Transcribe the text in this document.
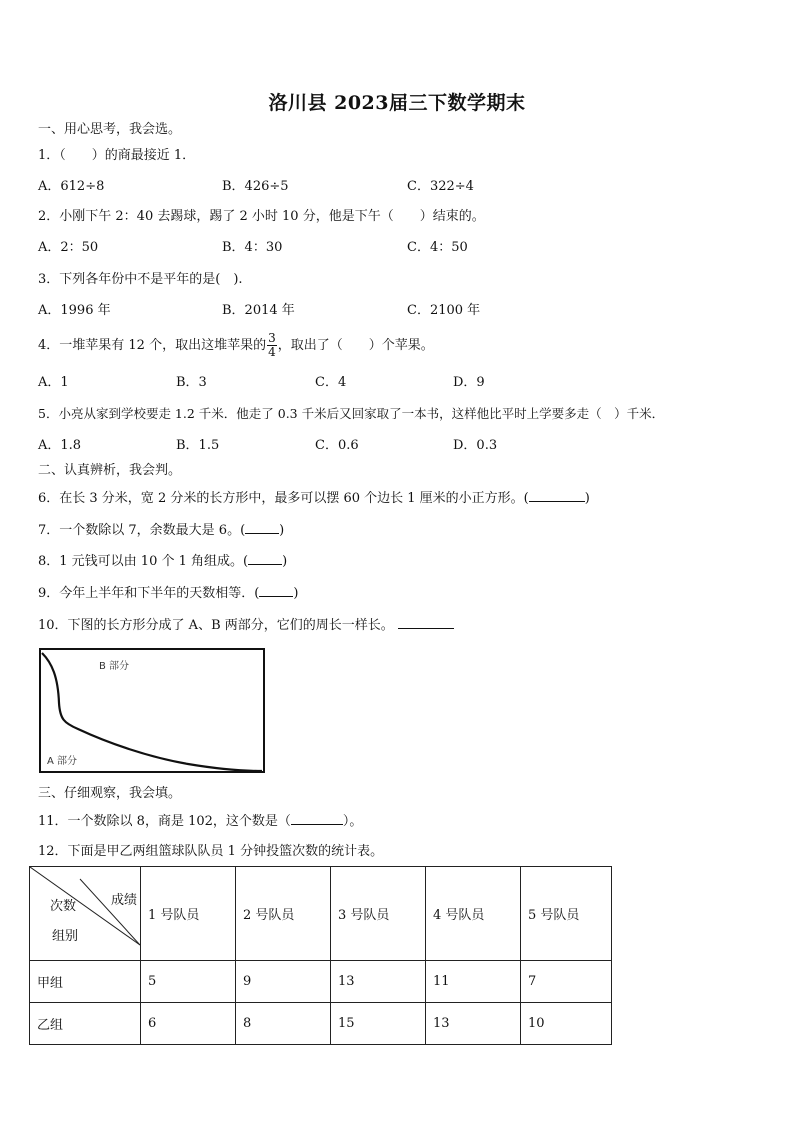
洛川县 2023届三下数学期末
一、用心思考，我会选。
1．（　　）的商最接近 1．
A．612÷8	B．426÷5	C．322÷4
2．小刚下午 2：40 去踢球，踢了 2 小时 10 分，他是下午（　　）结束的。
A．2：50	B．4：30	C．4：50
3．下列各年份中不是平年的是(　).
A．1996 年	B．2014 年	C．2100 年
4．一堆苹果有 12 个，取出这堆苹果的 $\frac{3}{4}$ ，取出了（　　）个苹果。
A．1	B．3	C．4	D．9
5．小亮从家到学校要走 1.2 千米．他走了 0.3 千米后又回家取了一本书，这样他比平时上学要多走（　）千米．
A．1.8	B．1.5	C．0.6	D．0.3
二、认真辨析，我会判。
6．在长 3 分米，宽 2 分米的长方形中，最多可以摆 60 个边长 1 厘米的小正方形。(	)
7．一个数除以 7，余数最大是 6。(	)
8．1 元钱可以由 10 个 1 角组成。(	)
9．今年上半年和下半年的天数相等．(	)
10．下图的长方形分成了 A、B 两部分，它们的周长一样长。
B 部分
A 部分
三、仔细观察，我会填。
11．一个数除以 8，商是 102，这个数是（	）。
12．下面是甲乙两组篮球队队员 1 分钟投篮次数的统计表。
成绩
次数
组别	1 号队员	2 号队员	3 号队员	4 号队员	5 号队员
甲组	5	9	13	11	7
乙组	6	8	15	13	10
